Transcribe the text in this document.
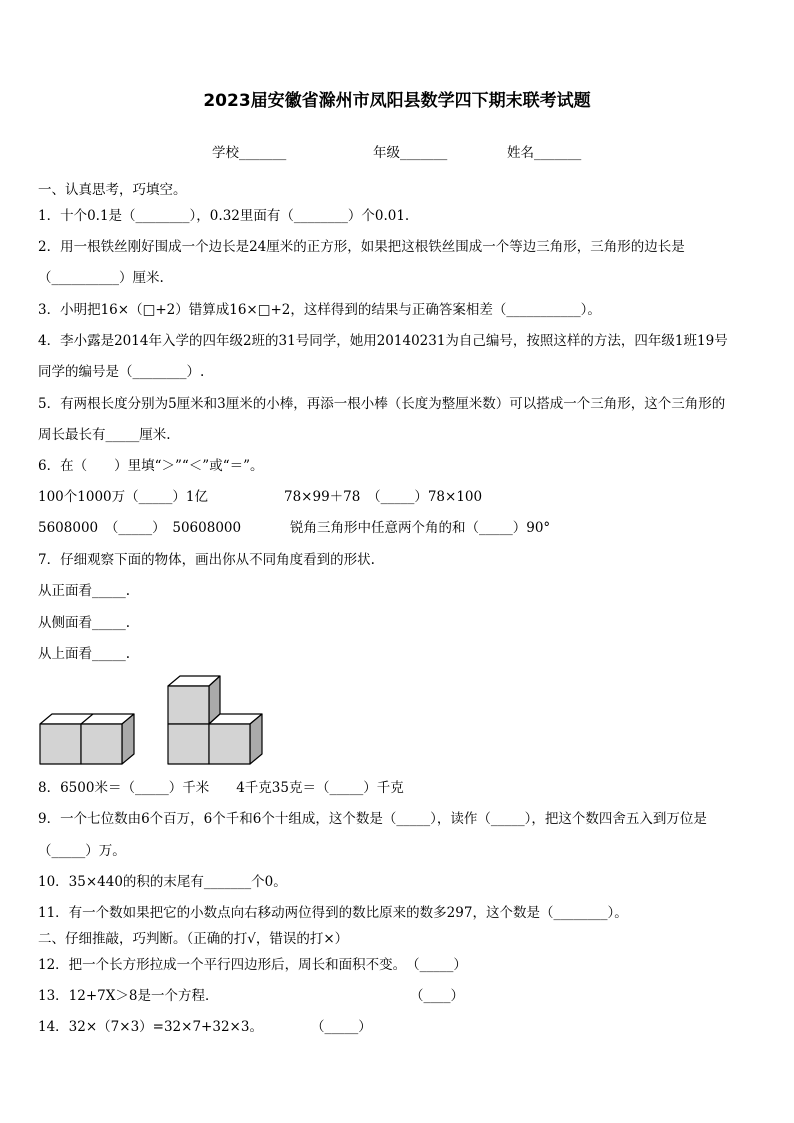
2023届安徽省滁州市凤阳县数学四下期末联考试题
学校_______	年级_______	姓名_______
一、认真思考，巧填空。
1．十个0.1是（________），0.32里面有（________）个0.01.
2．用一根铁丝刚好围成一个边长是24厘米的正方形，如果把这根铁丝围成一个等边三角形，三角形的边长是
（__________）厘米.
3．小明把16×（□+2）错算成16×□+2，这样得到的结果与正确答案相差（___________）。
4．李小露是2014年入学的四年级2班的31号同学，她用20140231为自己编号，按照这样的方法，四年级1班19号
同学的编号是（________）.
5．有两根长度分别为5厘米和3厘米的小棒，再添一根小棒（长度为整厘米数）可以搭成一个三角形，这个三角形的
周长最长有_____厘米.
6．在（　　）里填“＞”“＜”或“＝”。
100个1000万（_____）1亿	78×99＋78　（_____）78×100
5608000　（_____）　50608000	锐角三角形中任意两个角的和（_____）90°
7．仔细观察下面的物体，画出你从不同角度看到的形状.
从正面看_____.
从侧面看_____.
从上面看_____.
8．6500米＝（_____）千米　　4千克35克＝（_____）千克
9．一个七位数由6个百万，6个千和6个十组成，这个数是（_____），读作（_____），把这个数四舍五入到万位是
（_____）万。
10．35×440的积的末尾有_______个0。
11．有一个数如果把它的小数点向右移动两位得到的数比原来的数多297，这个数是（________）。
二、仔细推敲，巧判断。（正确的打√，错误的打×）
12．把一个长方形拉成一个平行四边形后，周长和面积不变。　（_____）
13．12+7X＞8是一个方程．	（____）
14．32×（7×3）=32×7+32×3。	（_____）
